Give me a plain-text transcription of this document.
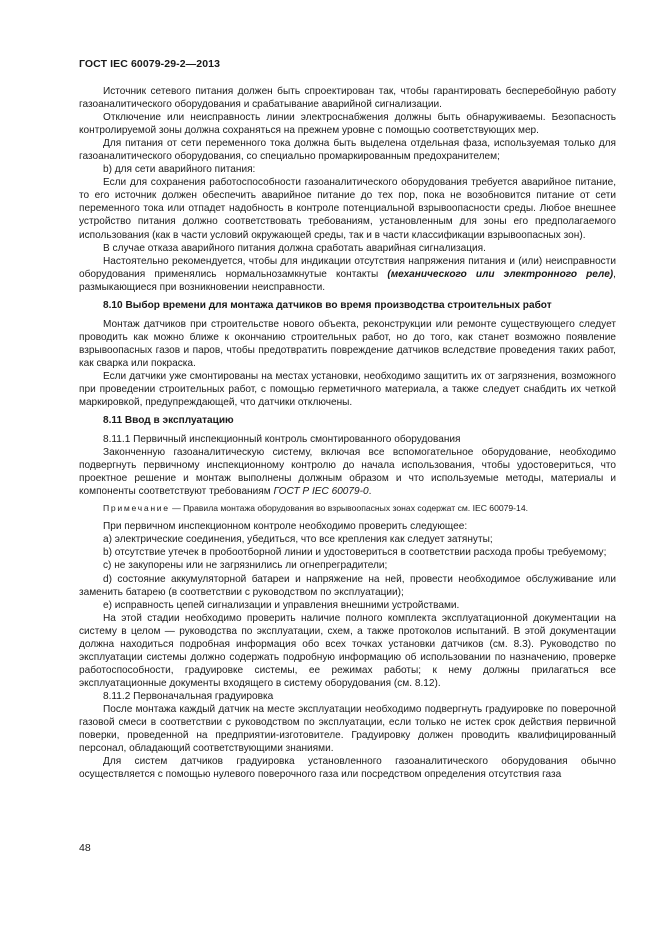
ГОСТ IEC 60079-29-2—2013

Источник сетевого питания должен быть спроектирован так, чтобы гарантировать бесперебойную работу газоаналитического оборудования и срабатывание аварийной сигнализации.

Отключение или неисправность линии электроснабжения должны быть обнаруживаемы. Безопасность контролируемой зоны должна сохраняться на прежнем уровне с помощью соответствующих мер.

Для питания от сети переменного тока должна быть выделена отдельная фаза, используемая только для газоаналитического оборудования, со специально промаркированным предохранителем;

b) для сети аварийного питания:

Если для сохранения работоспособности газоаналитического оборудования требуется аварийное питание, то его источник должен обеспечить аварийное питание до тех пор, пока не возобновится питание от сети переменного тока или отпадет надобность в контроле потенциальной взрывоопасности среды. Любое внешнее устройство питания должно соответствовать требованиям, установленным для зоны его предполагаемого использования (как в части условий окружающей среды, так и в части классификации взрывоопасных зон).

В случае отказа аварийного питания должна сработать аварийная сигнализация.

Настоятельно рекомендуется, чтобы для индикации отсутствия напряжения питания и (или) неисправности оборудования применялись нормальнозамкнутые контакты (механического или электронного реле), размыкающиеся при возникновении неисправности.

8.10 Выбор времени для монтажа датчиков во время производства строительных работ

Монтаж датчиков при строительстве нового объекта, реконструкции или ремонте существующего следует проводить как можно ближе к окончанию строительных работ, но до того, как станет возможно появление взрывоопасных газов и паров, чтобы предотвратить повреждение датчиков вследствие проведения таких работ, как сварка или покраска.

Если датчики уже смонтированы на местах установки, необходимо защитить их от загрязнения, возможного при проведении строительных работ, с помощью герметичного материала, а также следует снабдить их четкой маркировкой, предупреждающей, что датчики отключены.

8.11 Ввод в эксплуатацию

8.11.1 Первичный инспекционный контроль смонтированного оборудования

Законченную газоаналитическую систему, включая все вспомогательное оборудование, необходимо подвергнуть первичному инспекционному контролю до начала использования, чтобы удостовериться, что проектное решение и монтаж выполнены должным образом и что используемые методы, материалы и компоненты соответствуют требованиям ГОСТ Р IEC 60079-0.

Примечание — Правила монтажа оборудования во взрывоопасных зонах содержат см. IEC 60079-14.

При первичном инспекционном контроле необходимо проверить следующее:

a) электрические соединения, убедиться, что все крепления как следует затянуты;

b) отсутствие утечек в пробоотборной линии и удостовериться в соответствии расхода пробы требуемому;

c) не закупорены или не загрязнились ли огнепреградители;

d) состояние аккумуляторной батареи и напряжение на ней, провести необходимое обслуживание или заменить батарею (в соответствии с руководством по эксплуатации);

e) исправность цепей сигнализации и управления внешними устройствами.

На этой стадии необходимо проверить наличие полного комплекта эксплуатационной документации на систему в целом — руководства по эксплуатации, схем, а также протоколов испытаний. В этой документации должна находиться подробная информация обо всех точках установки датчиков (см. 8.3). Руководство по эксплуатации системы должно содержать подробную информацию об использовании по назначению, проверке работоспособности, градуировке системы, ее режимах работы; к нему должны прилагаться все эксплуатационные документы входящего в систему оборудования (см. 8.12).

8.11.2 Первоначальная градуировка

После монтажа каждый датчик на месте эксплуатации необходимо подвергнуть градуировке по поверочной газовой смеси в соответствии с руководством по эксплуатации, если только не истек срок действия первичной поверки, проведенной на предприятии-изготовителе. Градуировку должен проводить квалифицированный персонал, обладающий соответствующими знаниями.

Для систем датчиков градуировка установленного газоаналитического оборудования обычно осуществляется с помощью нулевого поверочного газа или посредством определения отсутствия газа

48
